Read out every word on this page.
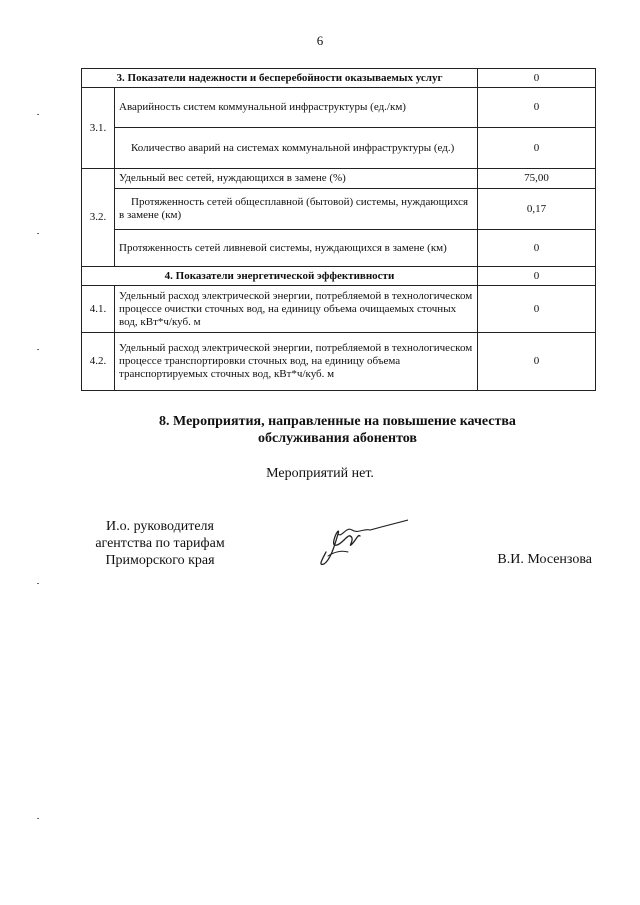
6
3. Показатели надежности и бесперебойности оказываемых услуг		0
3.1.	Аварийность систем коммунальной инфраструктуры (ед./км)	0
	Количество аварий на системах коммунальной инфраструктуры (ед.)	0
3.2.	Удельный вес сетей, нуждающихся в замене (%)	75,00
	Протяженность сетей общесплавной (бытовой) системы, нуждающихся в замене (км)	0,17
	Протяженность сетей ливневой системы, нуждающихся в замене (км)	0
4. Показатели энергетической эффективности		0
4.1.	Удельный расход электрической энергии, потребляемой в технологическом процессе очистки сточных вод, на единицу объема очищаемых сточных вод, кВт*ч/куб. м	0
4.2.	Удельный расход электрической энергии, потребляемой в технологическом процессе транспортировки сточных вод, на единицу объема транспортируемых сточных вод, кВт*ч/куб. м	0
8. Мероприятия, направленные на повышение качества
обслуживания абонентов
Мероприятий нет.
И.о. руководителя
агентства по тарифам
Приморского края	В.И. Мосензова
